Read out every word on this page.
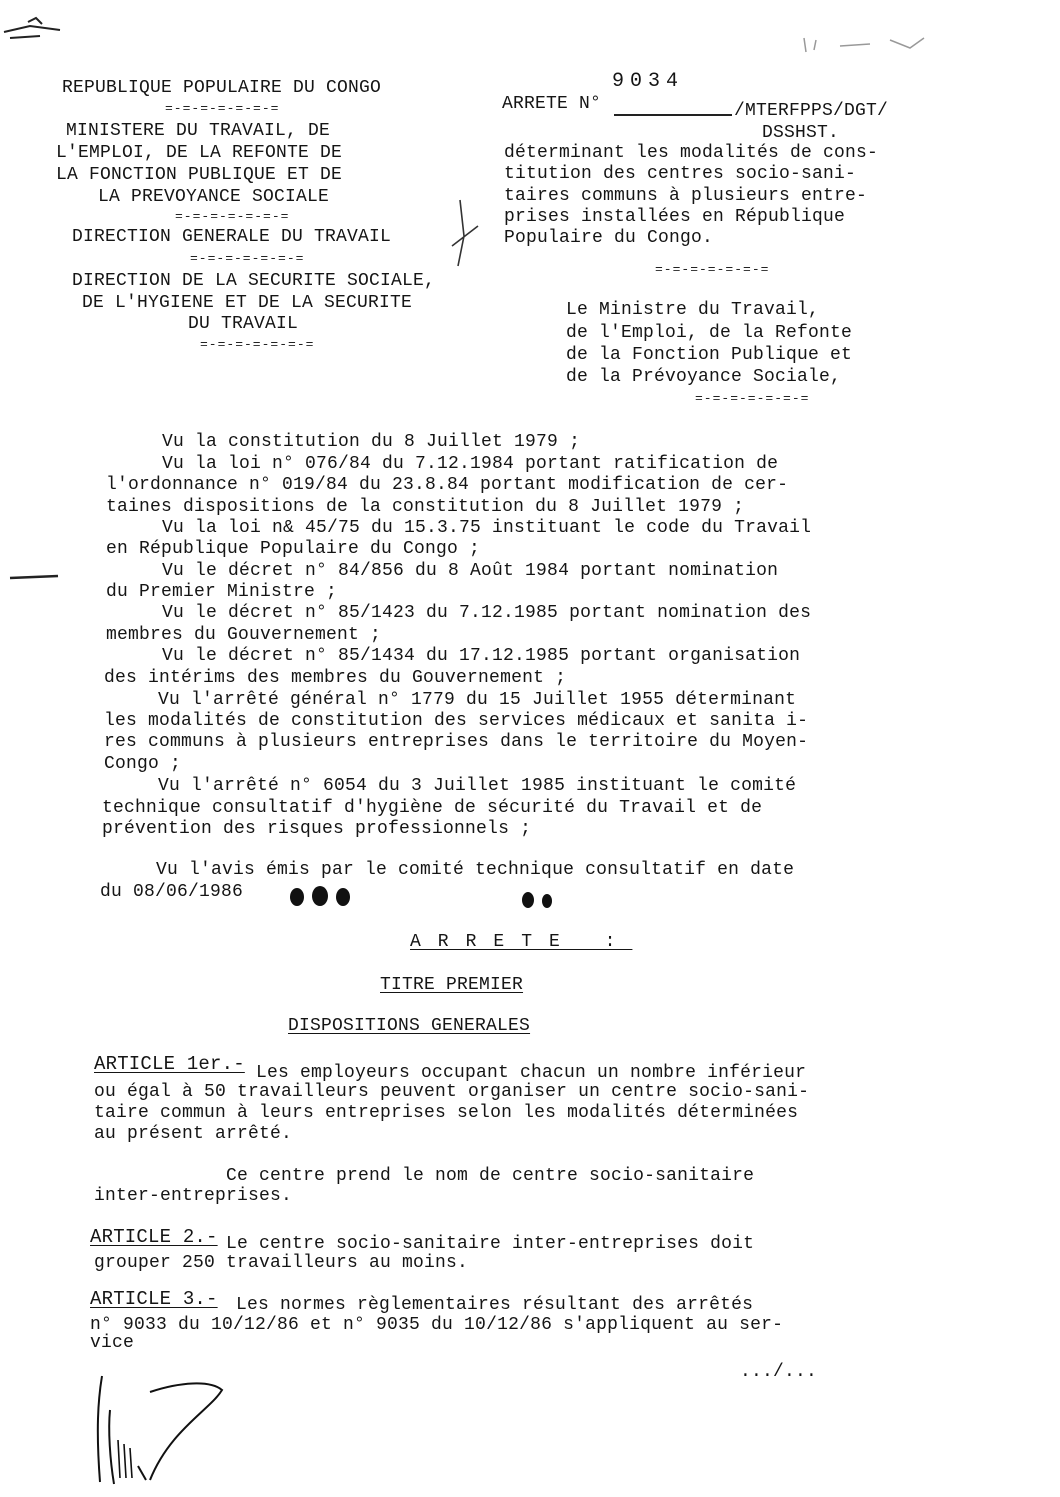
REPUBLIQUE POPULAIRE DU CONGO
=-=-=-=-=-=-=
MINISTERE DU TRAVAIL, DE
L'EMPLOI, DE LA REFONTE DE
LA FONCTION PUBLIQUE ET DE
LA PREVOYANCE SOCIALE
=-=-=-=-=-=-=
DIRECTION GENERALE DU TRAVAIL
=-=-=-=-=-=-=
DIRECTION DE LA SECURITE SOCIALE,
DE L'HYGIENE ET DE LA SECURITE
DU TRAVAIL
=-=-=-=-=-=-=
9034
ARRETE N°	/MTERFPPS/DGT/
DSSHST.
déterminant les modalités de cons-
titution des centres socio-sani-
taires communs à plusieurs entre-
prises installées en République
Populaire du Congo.
=-=-=-=-=-=-=
Le Ministre du Travail,
de l'Emploi, de la Refonte
de la Fonction Publique et
de la Prévoyance Sociale,
=-=-=-=-=-=-=
Vu la constitution du 8 Juillet 1979 ;
Vu la loi n° 076/84 du 7.12.1984 portant ratification de
l'ordonnance n° 019/84 du 23.8.84 portant modification de cer-
taines dispositions de la constitution du 8 Juillet 1979 ;
Vu la loi n& 45/75 du 15.3.75 instituant le code du Travail
en République Populaire du Congo ;
Vu le décret n° 84/856 du 8 Août 1984 portant nomination
du Premier Ministre ;
Vu le décret n° 85/1423 du 7.12.1985 portant nomination des
membres du Gouvernement ;
Vu le décret n° 85/1434 du 17.12.1985 portant organisation
des intérims des membres du Gouvernement ;
Vu l'arrêté général n° 1779 du 15 Juillet 1955 déterminant
les modalités de constitution des services médicaux et sanita i-
res communs à plusieurs entreprises dans le territoire du Moyen-
Congo ;
Vu l'arrêté n° 6054 du 3 Juillet 1985 instituant le comité
technique consultatif d'hygiène de sécurité du Travail et de
prévention des risques professionnels ;
Vu l'avis émis par le comité technique consultatif en date
du 08/06/1986
ARRETE :
TITRE PREMIER
DISPOSITIONS GENERALES
ARTICLE 1er.- Les employeurs occupant chacun un nombre inférieur
ou égal à 50 travailleurs peuvent organiser un centre socio-sani-
taire commun à leurs entreprises selon les modalités déterminées
au présent arrêté.
Ce centre prend le nom de centre socio-sanitaire
inter-entreprises.
ARTICLE 2.- Le centre socio-sanitaire inter-entreprises doit
grouper 250 travailleurs au moins.
ARTICLE 3.- Les normes règlementaires résultant des arrêtés
n° 9033 du 10/12/86 et n° 9035 du 10/12/86 s'appliquent au ser-
vice
.../...
